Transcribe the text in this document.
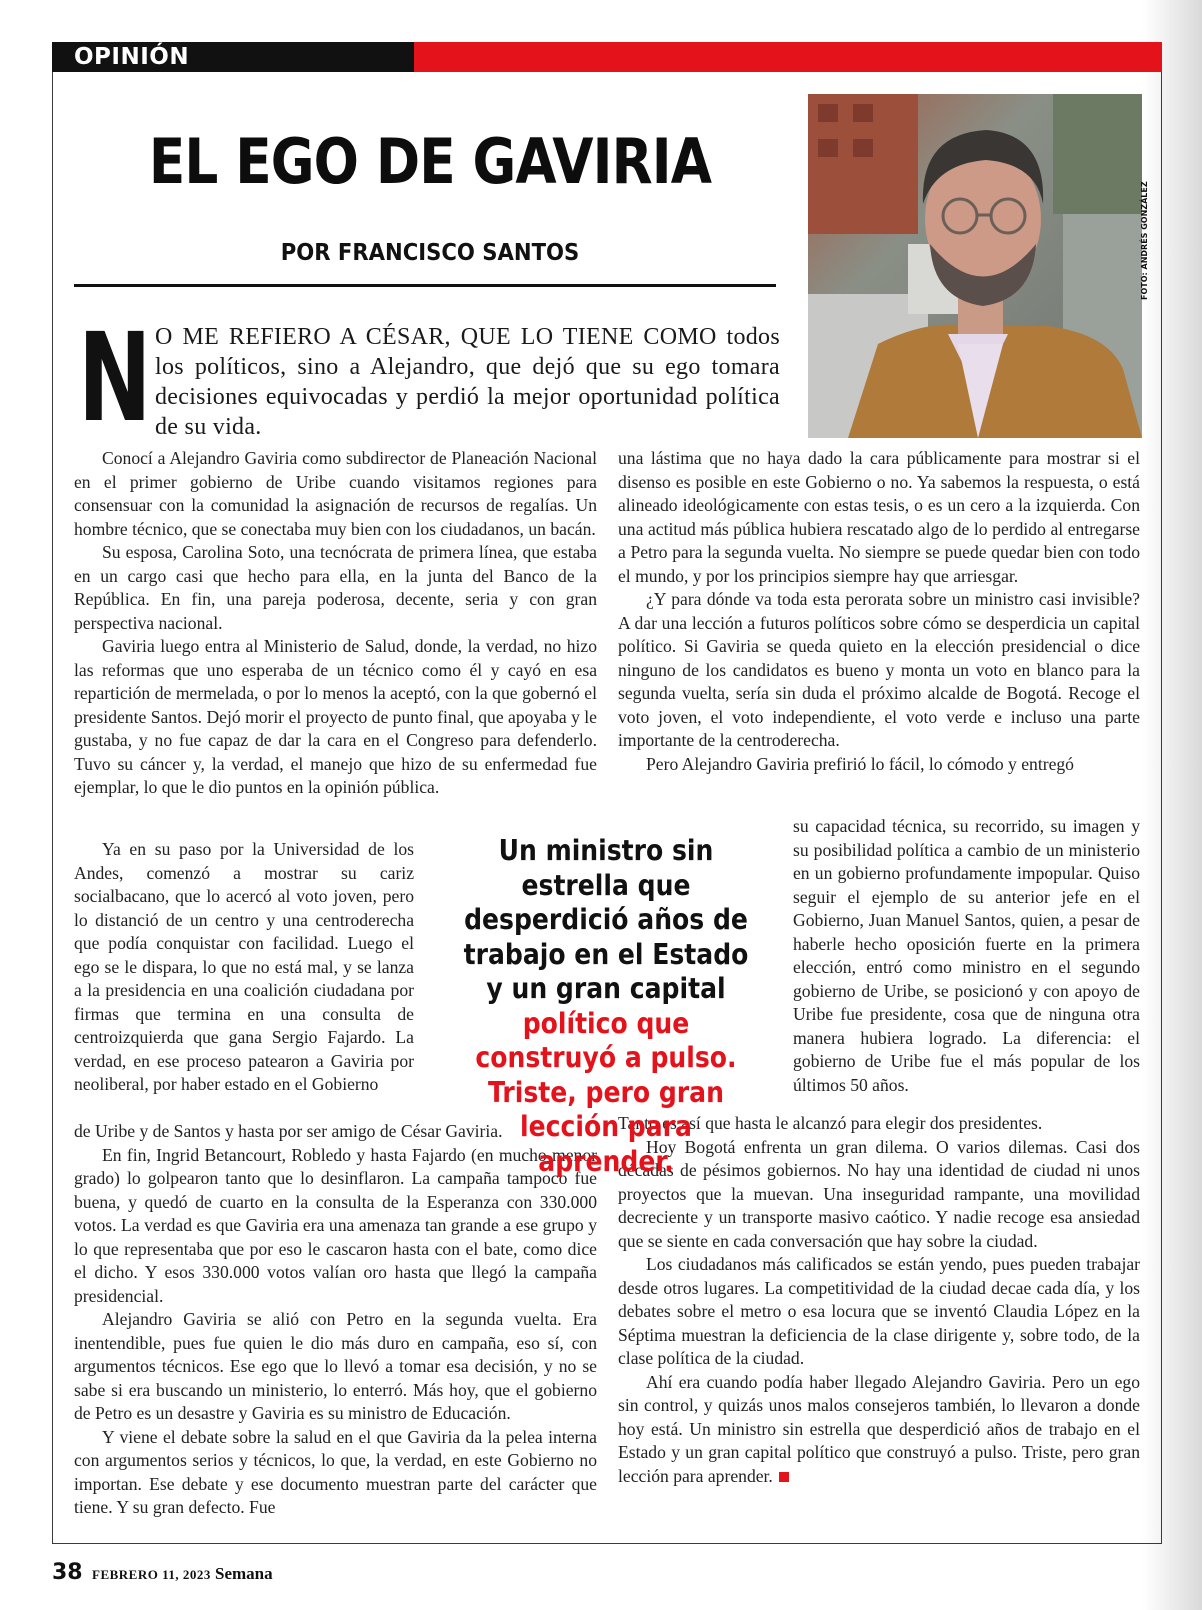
OPINIÓN
EL EGO DE GAVIRIA
POR FRANCISCO SANTOS	FOTO: ANDRÉS GONZÁLEZ
N O ME REFIERO A CÉSAR, QUE LO TIENE COMO todos los políticos, sino a Alejandro, que dejó que su ego tomara decisiones equivocadas y perdió la mejor oportunidad política de su vida.

Conocí a Alejandro Gaviria como subdirector de Planeación Nacional en el primer gobierno de Uribe cuando visitamos regiones para consensuar con la comunidad la asignación de recursos de regalías. Un hombre técnico, que se conectaba muy bien con los ciudadanos, un bacán.

Su esposa, Carolina Soto, una tecnócrata de primera línea, que estaba en un cargo casi que hecho para ella, en la junta del Banco de la República. En fin, una pareja poderosa, decente, seria y con gran perspectiva nacional.

Gaviria luego entra al Ministerio de Salud, donde, la verdad, no hizo las reformas que uno esperaba de un técnico como él y cayó en esa repartición de mermelada, o por lo menos la aceptó, con la que gobernó el presidente Santos. Dejó morir el proyecto de punto final, que apoyaba y le gustaba, y no fue capaz de dar la cara en el Congreso para defenderlo. Tuvo su cáncer y, la verdad, el manejo que hizo de su enfermedad fue ejemplar, lo que le dio puntos en la opinión pública.

Ya en su paso por la Universidad de los Andes, comenzó a mostrar su cariz socialbacano, que lo acercó al voto joven, pero lo distanció de un centro y una centroderecha que podía conquistar con facilidad. Luego el ego se le dispara, lo que no está mal, y se lanza a la presidencia en una coalición ciudadana por firmas que termina en una consulta de centroizquierda que gana Sergio Fajardo. La verdad, en ese proceso patearon a Gaviria por neoliberal, por haber estado en el Gobierno

de Uribe y de Santos y hasta por ser amigo de César Gaviria.

En fin, Ingrid Betancourt, Robledo y hasta Fajardo (en mucho menor grado) lo golpearon tanto que lo desinflaron. La campaña tampoco fue buena, y quedó de cuarto en la consulta de la Esperanza con 330.000 votos. La verdad es que Gaviria era una amenaza tan grande a ese grupo y lo que representaba que por eso le cascaron hasta con el bate, como dice el dicho. Y esos 330.000 votos valían oro hasta que llegó la campaña presidencial.

Alejandro Gaviria se alió con Petro en la segunda vuelta. Era inentendible, pues fue quien le dio más duro en campaña, eso sí, con argumentos técnicos. Ese ego que lo llevó a tomar esa decisión, y no se sabe si era buscando un ministerio, lo enterró. Más hoy, que el gobierno de Petro es un desastre y Gaviria es su ministro de Educación.

Y viene el debate sobre la salud en el que Gaviria da la pelea interna con argumentos serios y técnicos, lo que, la verdad, en este Gobierno no importan. Ese debate y ese documento muestran parte del carácter que tiene. Y su gran defecto. Fue

una lástima que no haya dado la cara públicamente para mostrar si el disenso es posible en este Gobierno o no. Ya sabemos la respuesta, o está alineado ideológicamente con estas tesis, o es un cero a la izquierda. Con una actitud más pública hubiera rescatado algo de lo perdido al entregarse a Petro para la segunda vuelta. No siempre se puede quedar bien con todo el mundo, y por los principios siempre hay que arriesgar.

¿Y para dónde va toda esta perorata sobre un ministro casi invisible? A dar una lección a futuros políticos sobre cómo se desperdicia un capital político. Si Gaviria se queda quieto en la elección presidencial o dice ninguno de los candidatos es bueno y monta un voto en blanco para la segunda vuelta, sería sin duda el próximo alcalde de Bogotá. Recoge el voto joven, el voto independiente, el voto verde e incluso una parte importante de la centroderecha.

Pero Alejandro Gaviria prefirió lo fácil, lo cómodo y entregó

su capacidad técnica, su recorrido, su imagen y su posibilidad política a cambio de un ministerio en un gobierno profundamente impopular. Quiso seguir el ejemplo de su anterior jefe en el Gobierno, Juan Manuel Santos, quien, a pesar de haberle hecho oposición fuerte en la primera elección, entró como ministro en el segundo gobierno de Uribe, se posicionó y con apoyo de Uribe fue presidente, cosa que de ninguna otra manera hubiera logrado. La diferencia: el gobierno de Uribe fue el más popular de los últimos 50 años.

Tanto es así que hasta le alcanzó para elegir dos presidentes.

Hoy Bogotá enfrenta un gran dilema. O varios dilemas. Casi dos décadas de pésimos gobiernos. No hay una identidad de ciudad ni unos proyectos que la muevan. Una inseguridad rampante, una movilidad decreciente y un transporte masivo caótico. Y nadie recoge esa ansiedad que se siente en cada conversación que hay sobre la ciudad.

Los ciudadanos más calificados se están yendo, pues pueden trabajar desde otros lugares. La competitividad de la ciudad decae cada día, y los debates sobre el metro o esa locura que se inventó Claudia López en la Séptima muestran la deficiencia de la clase dirigente y, sobre todo, de la clase política de la ciudad.

Ahí era cuando podía haber llegado Alejandro Gaviria. Pero un ego sin control, y quizás unos malos consejeros también, lo llevaron a donde hoy está. Un ministro sin estrella que desperdició años de trabajo en el Estado y un gran capital político que construyó a pulso. Triste, pero gran lección para aprender.

Un ministro sin estrella que desperdició años de trabajo en el Estado y un gran capital político que construyó a pulso. Triste, pero gran lección para aprender.
38 FEBRERO 11, 2023 Semana
